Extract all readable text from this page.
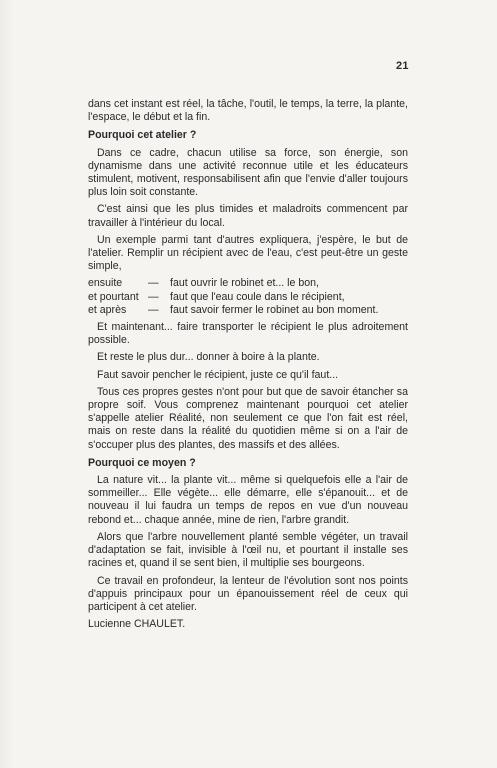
21

dans cet instant est réel, la tâche, l'outil, le temps, la terre, la plante, l'espace, le début et la fin.

Pourquoi cet atelier ?

Dans ce cadre, chacun utilise sa force, son énergie, son dynamisme dans une activité reconnue utile et les éducateurs stimulent, motivent, responsabilisent afin que l'envie d'aller toujours plus loin soit constante.

C'est ainsi que les plus timides et maladroits commencent par travailler à l'intérieur du local.

Un exemple parmi tant d'autres expliquera, j'espère, le but de l'atelier. Remplir un récipient avec de l'eau, c'est peut-être un geste simple,

ensuite	—	faut ouvrir le robinet et... le bon,
et pourtant —	faut que l'eau coule dans le récipient,
et après	—	faut savoir fermer le robinet au bon moment.

Et maintenant... faire transporter le récipient le plus adroitement possible.

Et reste le plus dur... donner à boire à la plante.

Faut savoir pencher le récipient, juste ce qu'il faut...

Tous ces propres gestes n'ont pour but que de savoir étancher sa propre soif. Vous comprenez maintenant pourquoi cet atelier s'appelle atelier Réalité, non seulement ce que l'on fait est réel, mais on reste dans la réalité du quotidien même si on a l'air de s'occuper plus des plantes, des massifs et des allées.

Pourquoi ce moyen ?

La nature vit... la plante vit... même si quelquefois elle a l'air de sommeiller... Elle végète... elle démarre, elle s'épanouit... et de nouveau il lui faudra un temps de repos en vue d'un nouveau rebond et... chaque année, mine de rien, l'arbre grandit.

Alors que l'arbre nouvellement planté semble végéter, un travail d'adaptation se fait, invisible à l'œil nu, et pourtant il installe ses racines et, quand il se sent bien, il multiplie ses bourgeons.

Ce travail en profondeur, la lenteur de l'évolution sont nos points d'appuis principaux pour un épanouissement réel de ceux qui participent à cet atelier.

Lucienne CHAULET.
